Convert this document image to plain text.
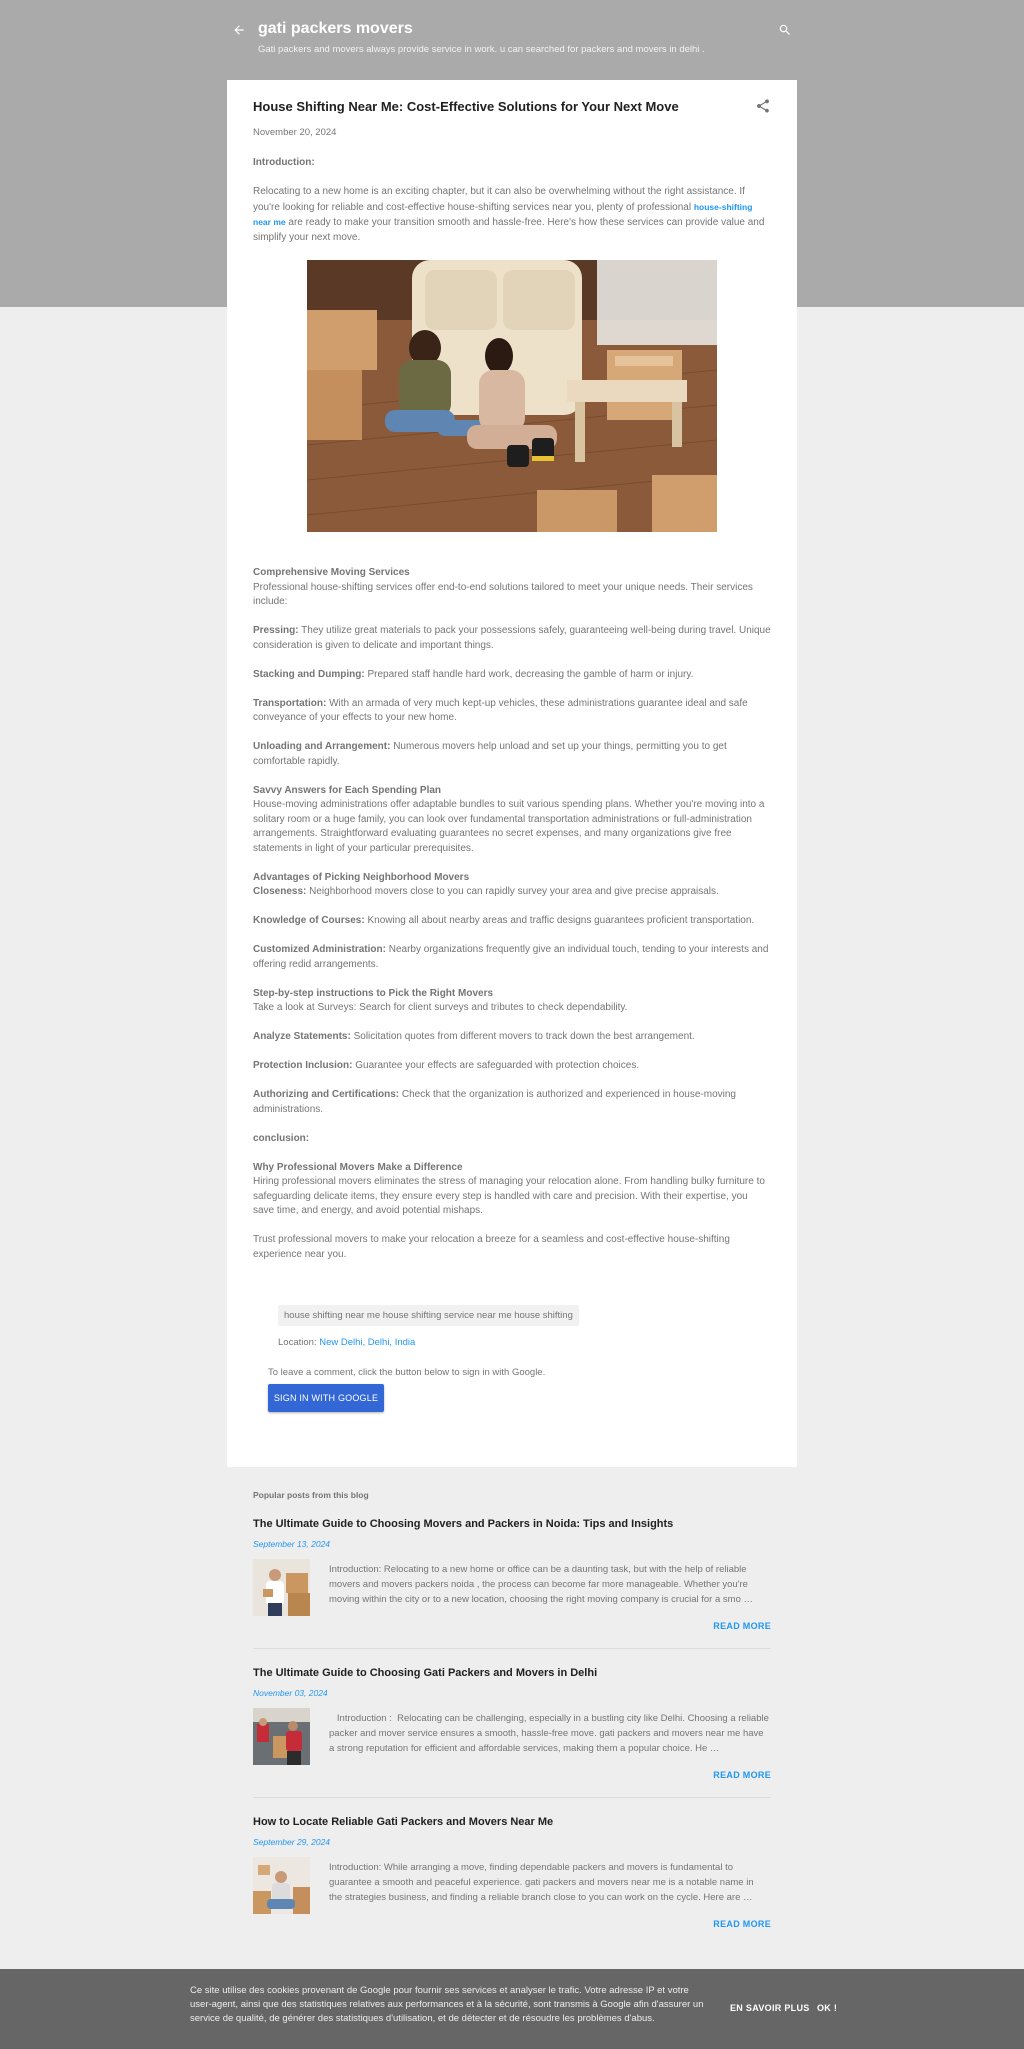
gati packers movers
Gati packers and movers always provide service in work. u can searched for packers and movers in delhi .
House Shifting Near Me: Cost-Effective Solutions for Your Next Move
November 20, 2024

Introduction:

Relocating to a new home is an exciting chapter, but it can also be overwhelming without the right assistance. If you're looking for reliable and cost-effective house-shifting services near you, plenty of professional house-shifting near me are ready to make your transition smooth and hassle-free. Here's how these services can provide value and simplify your next move.

Comprehensive Moving Services

Professional house-shifting services offer end-to-end solutions tailored to meet your unique needs. Their services include:

Pressing: They utilize great materials to pack your possessions safely, guaranteeing well-being during travel. Unique consideration is given to delicate and important things.

Stacking and Dumping: Prepared staff handle hard work, decreasing the gamble of harm or injury.

Transportation: With an armada of very much kept-up vehicles, these administrations guarantee ideal and safe conveyance of your effects to your new home.

Unloading and Arrangement: Numerous movers help unload and set up your things, permitting you to get comfortable rapidly.

Savvy Answers for Each Spending Plan

House-moving administrations offer adaptable bundles to suit various spending plans. Whether you're moving into a solitary room or a huge family, you can look over fundamental transportation administrations or full-administration arrangements. Straightforward evaluating guarantees no secret expenses, and many organizations give free statements in light of your particular prerequisites.

Advantages of Picking Neighborhood Movers

Closeness: Neighborhood movers close to you can rapidly survey your area and give precise appraisals.

Knowledge of Courses: Knowing all about nearby areas and traffic designs guarantees proficient transportation.

Customized Administration: Nearby organizations frequently give an individual touch, tending to your interests and offering redid arrangements.

Step-by-step instructions to Pick the Right Movers

Take a look at Surveys: Search for client surveys and tributes to check dependability.

Analyze Statements: Solicitation quotes from different movers to track down the best arrangement.

Protection Inclusion: Guarantee your effects are safeguarded with protection choices.

Authorizing and Certifications: Check that the organization is authorized and experienced in house-moving administrations.

conclusion:

Why Professional Movers Make a Difference

Hiring professional movers eliminates the stress of managing your relocation alone. From handling bulky furniture to safeguarding delicate items, they ensure every step is handled with care and precision. With their expertise, you save time, and energy, and avoid potential mishaps.

Trust professional movers to make your relocation a breeze for a seamless and cost-effective house-shifting experience near you.

house shifting near me house shifting service near me house shifting
Location: New Delhi, Delhi, India
To leave a comment, click the button below to sign in with Google.
SIGN IN WITH GOOGLE
Popular posts from this blog
The Ultimate Guide to Choosing Movers and Packers in Noida: Tips and Insights
September 13, 2024
Introduction: Relocating to a new home or office can be a daunting task, but with the help of reliable movers and movers packers noida , the process can become far more manageable. Whether you're moving within the city or to a new location, choosing the right moving company is crucial for a smo …
READ MORE
The Ultimate Guide to Choosing Gati Packers and Movers in Delhi
November 03, 2024
Introduction :  Relocating can be challenging, especially in a bustling city like Delhi. Choosing a reliable packer and mover service ensures a smooth, hassle-free move. gati packers and movers near me have a strong reputation for efficient and affordable services, making them a popular choice. He …
READ MORE
How to Locate Reliable Gati Packers and Movers Near Me
September 29, 2024
Introduction: While arranging a move, finding dependable packers and movers is fundamental to guarantee a smooth and peaceful experience. gati packers and movers near me is a notable name in the strategies business, and finding a reliable branch close to you can work on the cycle. Here are …
READ MORE
Ce site utilise des cookies provenant de Google pour fournir ses services et analyser le trafic. Votre adresse IP et votre user-agent, ainsi que des statistiques relatives aux performances et à la sécurité, sont transmis à Google afin d'assurer un service de qualité, de générer des statistiques d'utilisation, et de détecter et de résoudre les problèmes d'abus.
EN SAVOIR PLUS OK !
